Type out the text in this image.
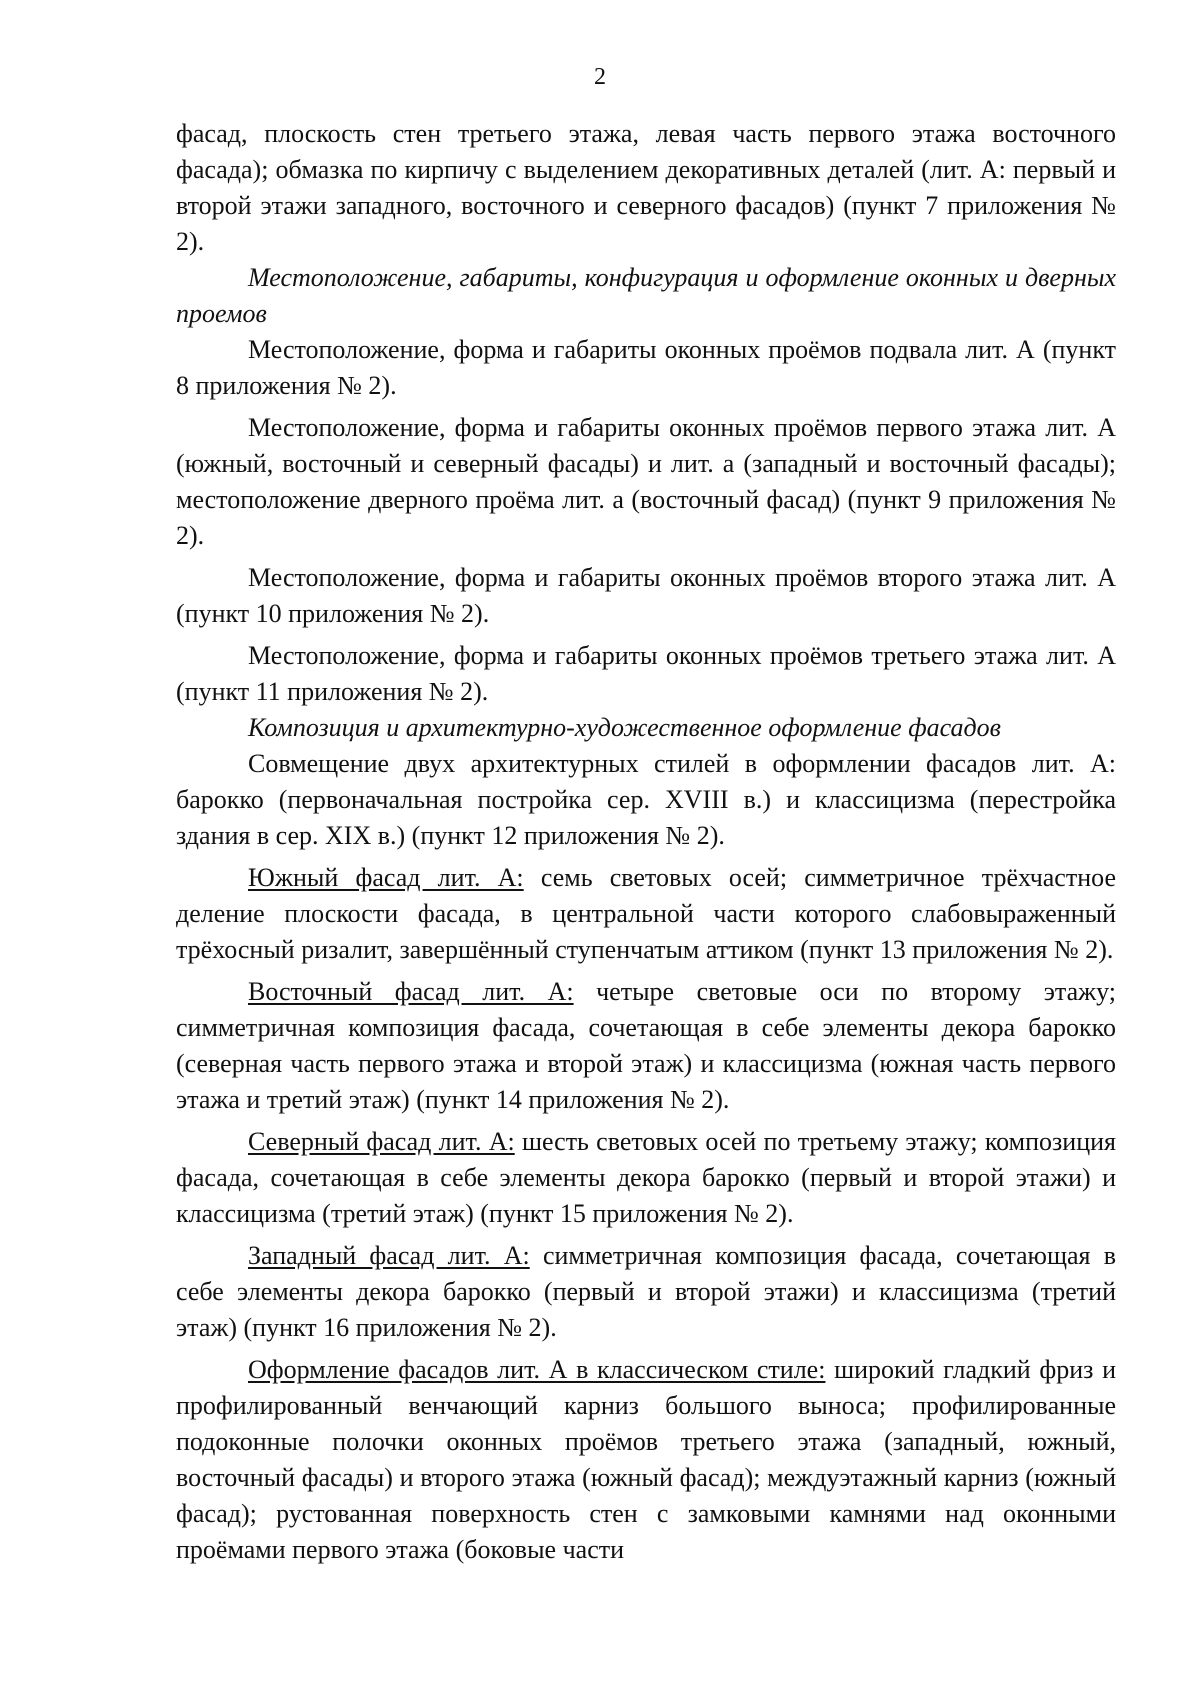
2

фасад, плоскость стен третьего этажа, левая часть первого этажа восточного фасада); обмазка по кирпичу с выделением декоративных деталей (лит. А: первый и второй этажи западного, восточного и северного фасадов) (пункт 7 приложения № 2).

Местоположение, габариты, конфигурация и оформление оконных и дверных проемов

Местоположение, форма и габариты оконных проёмов подвала лит. А (пункт 8 приложения № 2).

Местоположение, форма и габариты оконных проёмов первого этажа лит. А (южный, восточный и северный фасады) и лит. а (западный и восточный фасады); местоположение дверного проёма лит. а (восточный фасад) (пункт 9 приложения № 2).

Местоположение, форма и габариты оконных проёмов второго этажа лит. А (пункт 10 приложения № 2).

Местоположение, форма и габариты оконных проёмов третьего этажа лит. А (пункт 11 приложения № 2).

Композиция и архитектурно-художественное оформление фасадов

Совмещение двух архитектурных стилей в оформлении фасадов лит. А: барокко (первоначальная постройка сер. XVIII в.) и классицизма (перестройка здания в сер. XIX в.) (пункт 12 приложения № 2).

Южный фасад лит. А: семь световых осей; симметричное трёхчастное деление плоскости фасада, в центральной части которого слабовыраженный трёхосный ризалит, завершённый ступенчатым аттиком (пункт 13 приложения № 2).

Восточный фасад лит. А: четыре световые оси по второму этажу; симметричная композиция фасада, сочетающая в себе элементы декора барокко (северная часть первого этажа и второй этаж) и классицизма (южная часть первого этажа и третий этаж) (пункт 14 приложения № 2).

Северный фасад лит. А: шесть световых осей по третьему этажу; композиция фасада, сочетающая в себе элементы декора барокко (первый и второй этажи) и классицизма (третий этаж) (пункт 15 приложения № 2).

Западный фасад лит. А: симметричная композиция фасада, сочетающая в себе элементы декора барокко (первый и второй этажи) и классицизма (третий этаж) (пункт 16 приложения № 2).

Оформление фасадов лит. А в классическом стиле: широкий гладкий фриз и профилированный венчающий карниз большого выноса; профилированные подоконные полочки оконных проёмов третьего этажа (западный, южный, восточный фасады) и второго этажа (южный фасад); междуэтажный карниз (южный фасад); рустованная поверхность стен с замковыми камнями над оконными проёмами первого этажа (боковые части
